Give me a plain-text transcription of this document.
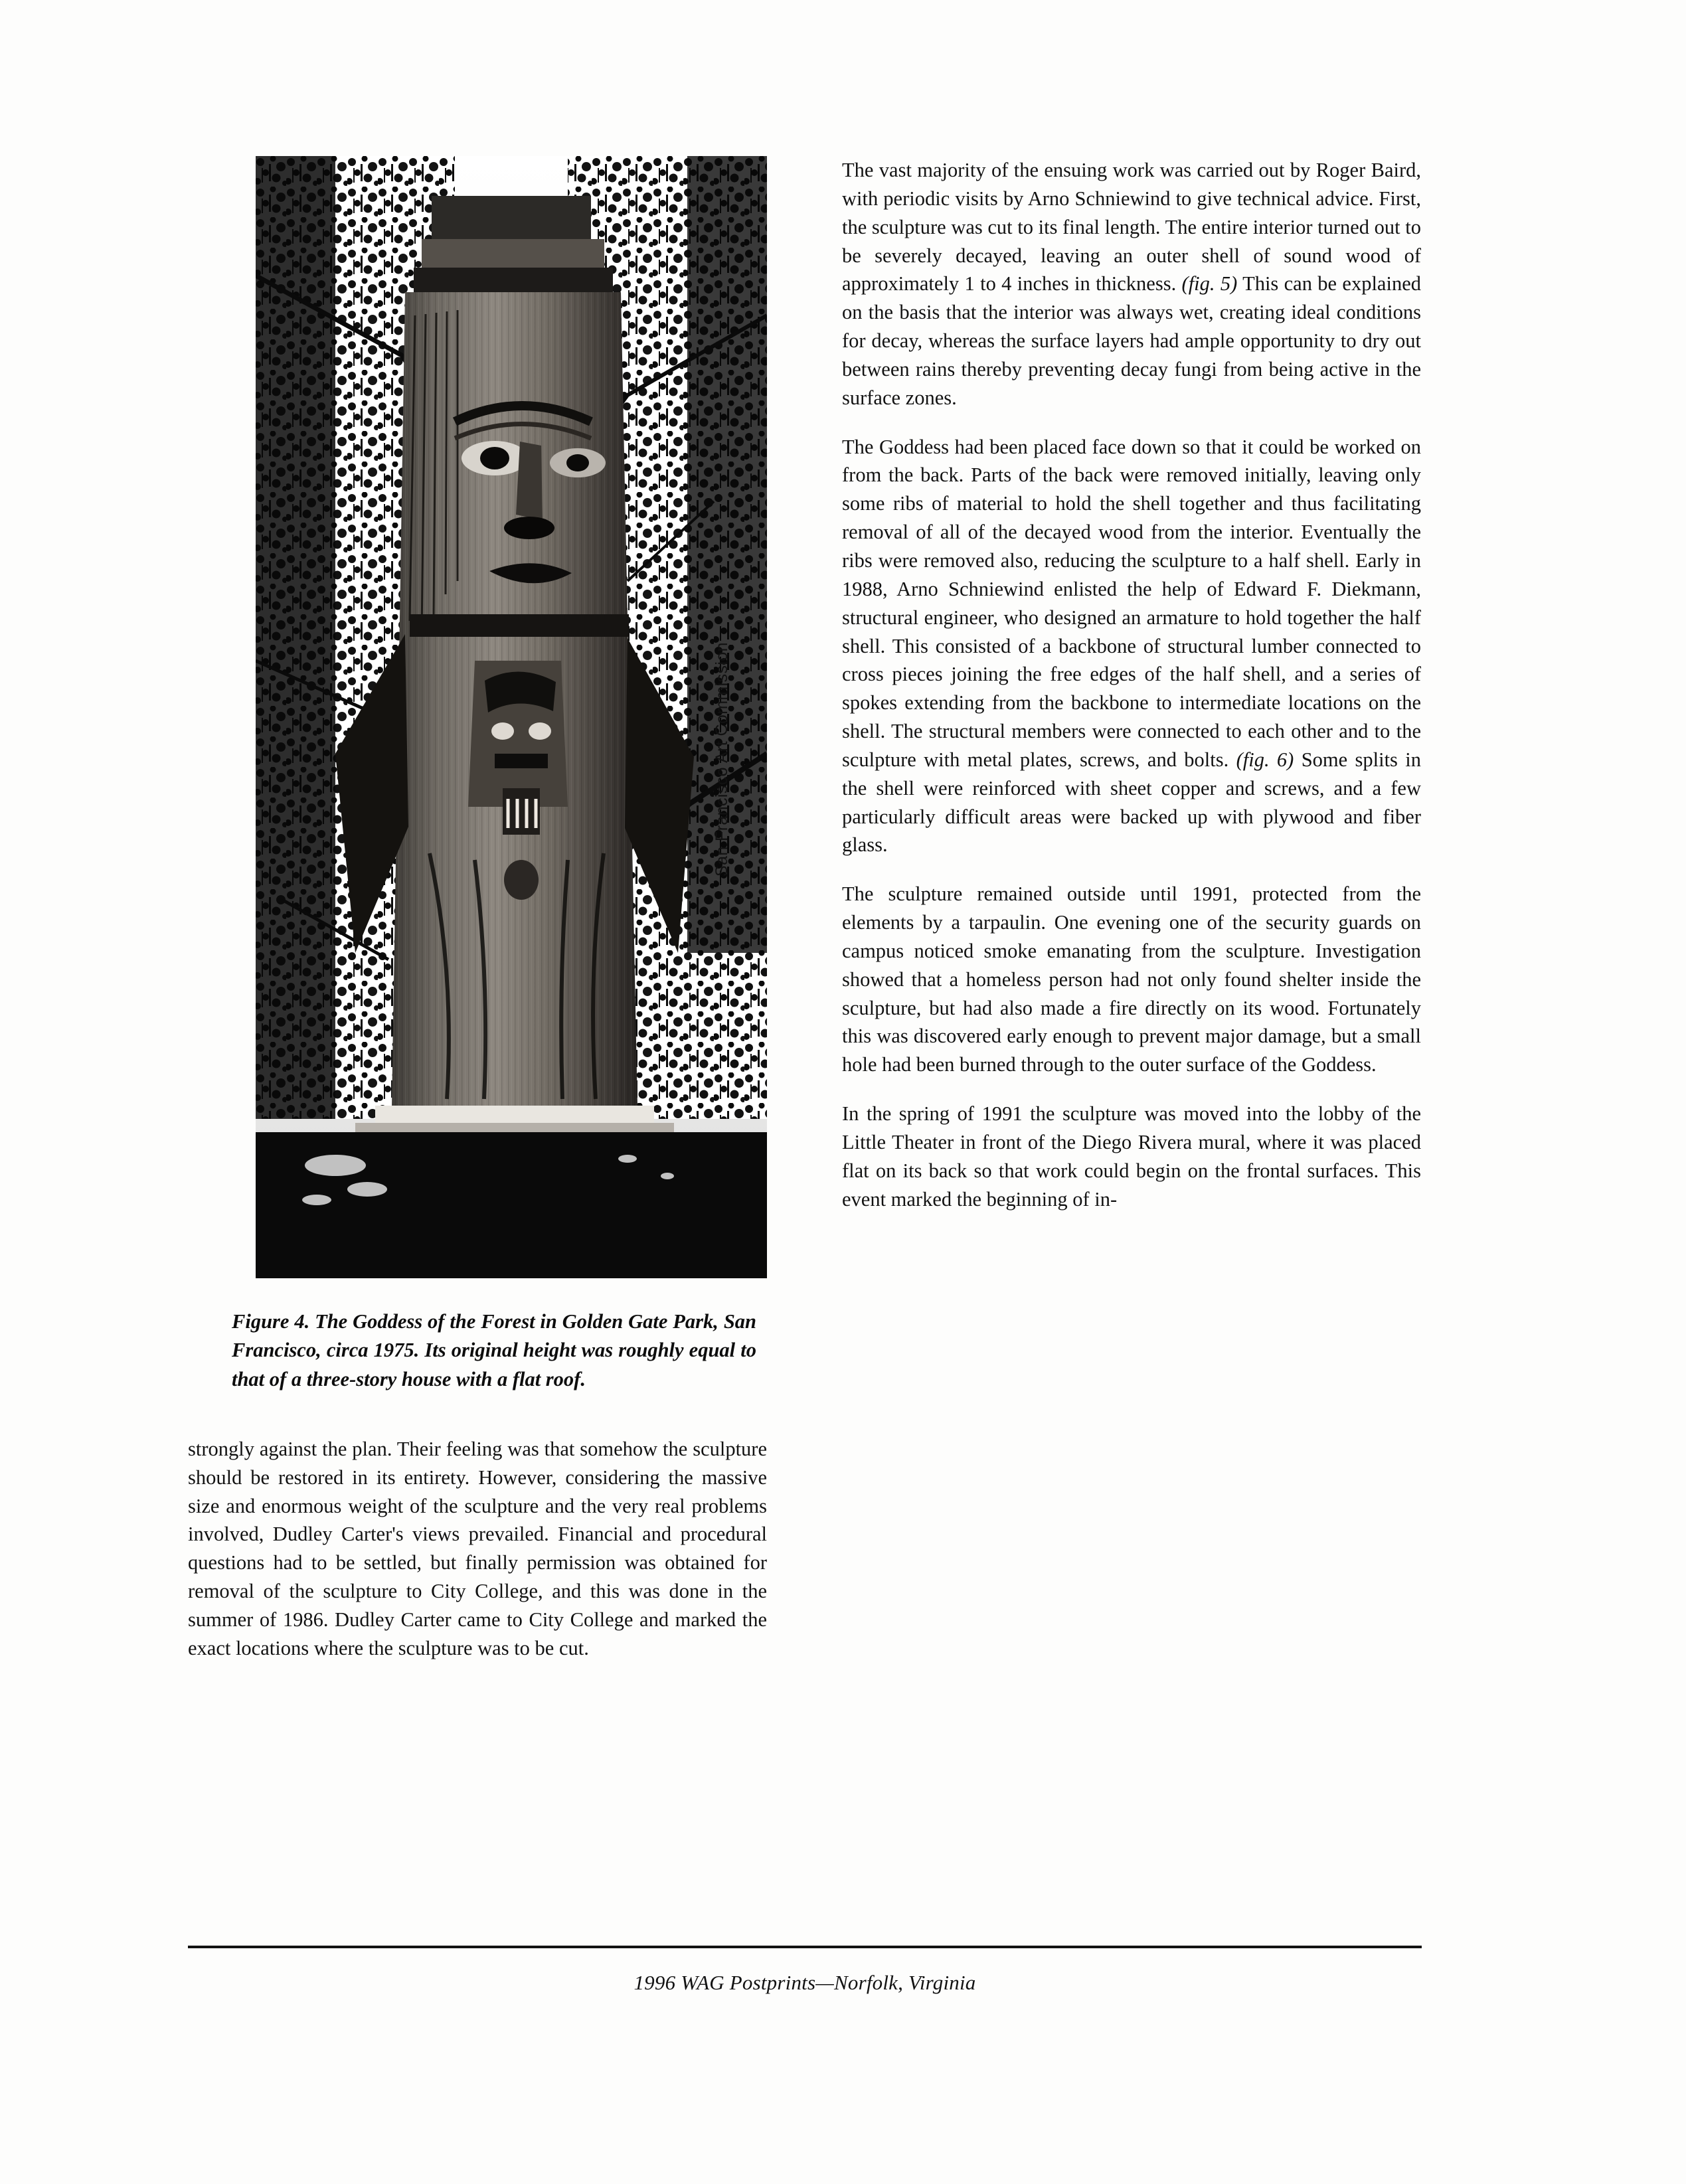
San Francisco Art Commission
Figure 4. The Goddess of the Forest in Golden Gate Park, San Francisco, circa 1975. Its original height was roughly equal to that of a three-story house with a flat roof.

strongly against the plan. Their feeling was that somehow the sculpture should be restored in its entirety. However, considering the massive size and enormous weight of the sculpture and the very real problems involved, Dudley Carter's views prevailed. Financial and procedural questions had to be settled, but finally permission was obtained for removal of the sculpture to City College, and this was done in the summer of 1986. Dudley Carter came to City College and marked the exact locations where the sculpture was to be cut.

The vast majority of the ensuing work was carried out by Roger Baird, with periodic visits by Arno Schniewind to give technical advice. First, the sculpture was cut to its final length. The entire interior turned out to be severely decayed, leaving an outer shell of sound wood of approximately 1 to 4 inches in thickness. (fig. 5) This can be explained on the basis that the interior was always wet, creating ideal conditions for decay, whereas the surface layers had ample opportunity to dry out between rains thereby preventing decay fungi from being active in the surface zones.

The Goddess had been placed face down so that it could be worked on from the back. Parts of the back were removed initially, leaving only some ribs of material to hold the shell together and thus facilitating removal of all of the decayed wood from the interior. Eventually the ribs were removed also, reducing the sculpture to a half shell. Early in 1988, Arno Schniewind enlisted the help of Edward F. Diekmann, structural engineer, who designed an armature to hold together the half shell. This consisted of a backbone of structural lumber connected to cross pieces joining the free edges of the half shell, and a series of spokes extending from the backbone to intermediate locations on the shell. The structural members were connected to each other and to the sculpture with metal plates, screws, and bolts. (fig. 6) Some splits in the shell were reinforced with sheet copper and screws, and a few particularly difficult areas were backed up with plywood and fiber glass.

The sculpture remained outside until 1991, protected from the elements by a tarpaulin. One evening one of the security guards on campus noticed smoke emanating from the sculpture. Investigation showed that a homeless person had not only found shelter inside the sculpture, but had also made a fire directly on its wood. Fortunately this was discovered early enough to prevent major damage, but a small hole had been burned through to the outer surface of the Goddess.

In the spring of 1991 the sculpture was moved into the lobby of the Little Theater in front of the Diego Rivera mural, where it was placed flat on its back so that work could begin on the frontal surfaces. This event marked the beginning of in-

1996 WAG Postprints—Norfolk, Virginia
